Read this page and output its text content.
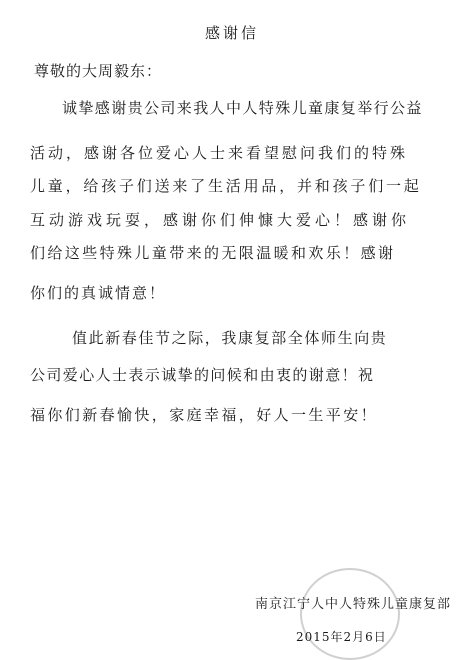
感谢信
尊敬的大周毅东：
诚挚感谢贵公司来我人中人特殊儿童康复举行公益
活动，感谢各位爱心人士来看望慰问我们的特殊
儿童，给孩子们送来了生活用品，并和孩子们一起
互动游戏玩耍，感谢你们伸慷大爱心！感谢你
们给这些特殊儿童带来的无限温暖和欢乐！感谢
你们的真诚情意！
值此新春佳节之际，我康复部全体师生向贵
公司爱心人士表示诚挚的问候和由衷的谢意！祝
福你们新春愉快，家庭幸福，好人一生平安！
南京江宁人中人特殊儿童康复部
2015年2月6日
